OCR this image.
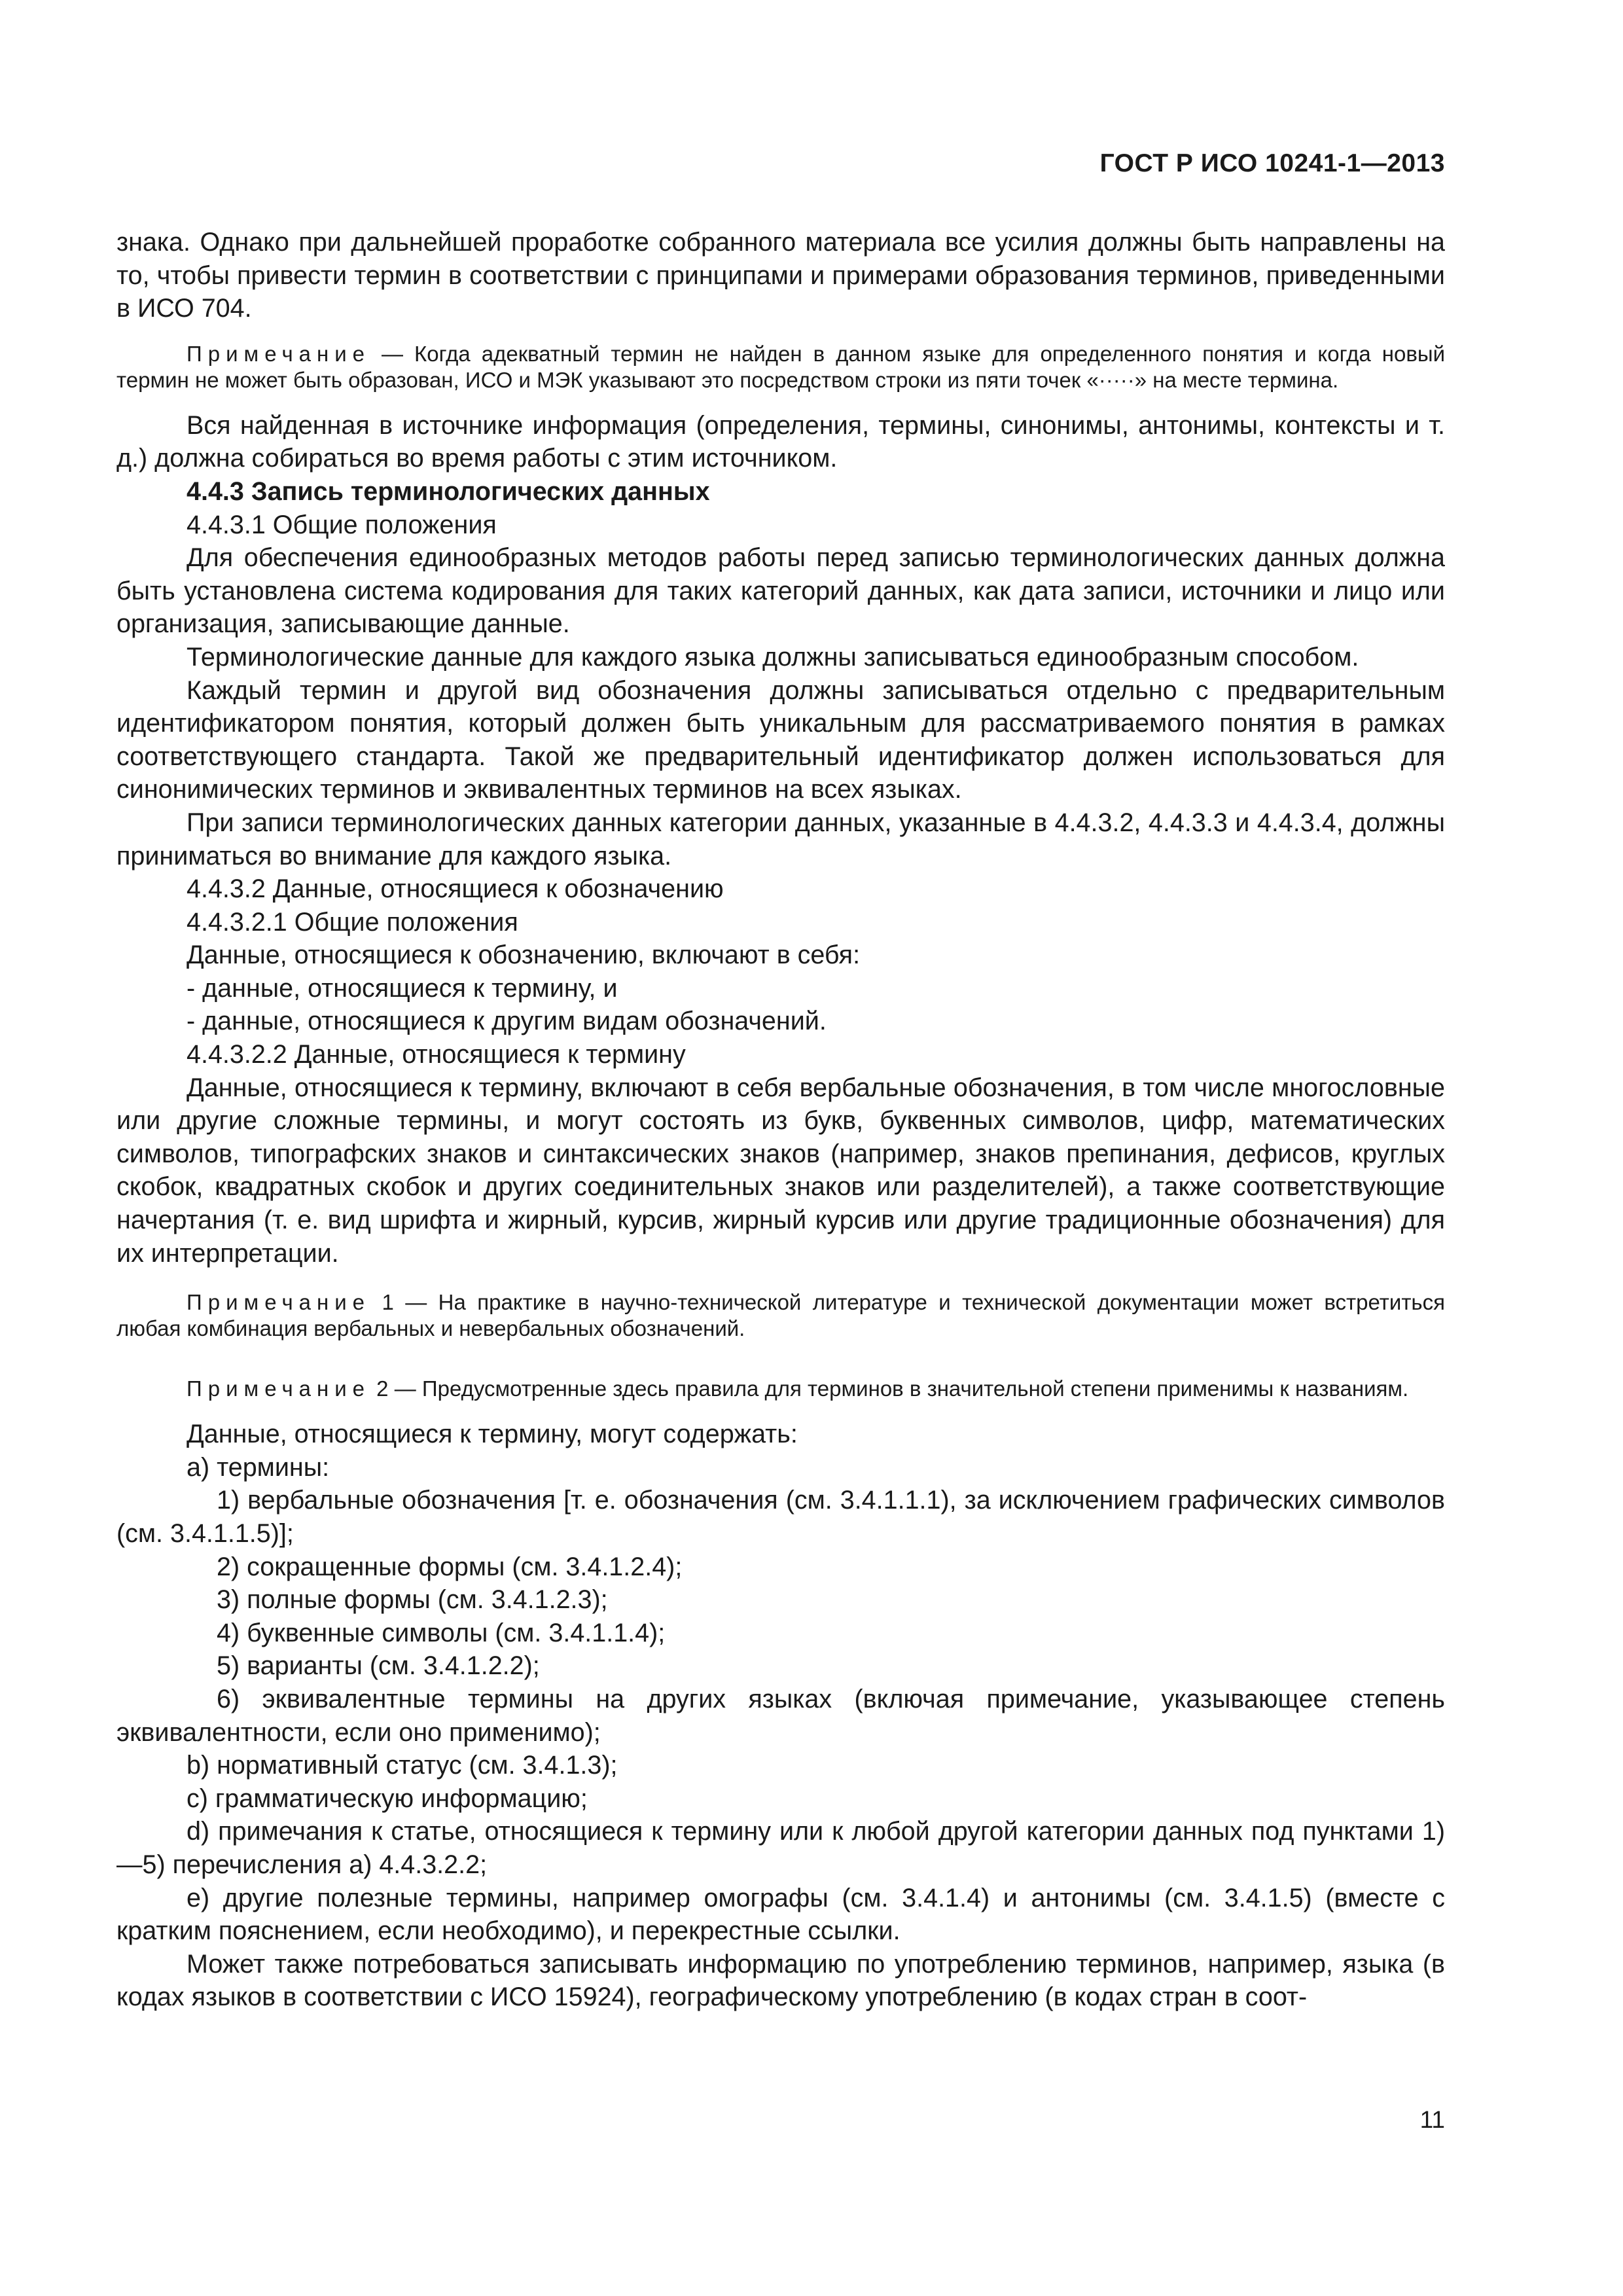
ГОСТ Р ИСО 10241-1—2013

знака. Однако при дальнейшей проработке собранного материала все усилия должны быть направлены на то, чтобы привести термин в соответствии с принципами и примерами образования терминов, приведенными в ИСО 704.

Примечание — Когда адекватный термин не найден в данном языке для определенного понятия и когда новый термин не может быть образован, ИСО и МЭК указывают это посредством строки из пяти точек «·····» на месте термина.

Вся найденная в источнике информация (определения, термины, синонимы, антонимы, контексты и т. д.) должна собираться во время работы с этим источником.

4.4.3 Запись терминологических данных

4.4.3.1 Общие положения

Для обеспечения единообразных методов работы перед записью терминологических данных должна быть установлена система кодирования для таких категорий данных, как дата записи, источники и лицо или организация, записывающие данные.

Терминологические данные для каждого языка должны записываться единообразным способом.

Каждый термин и другой вид обозначения должны записываться отдельно с предварительным идентификатором понятия, который должен быть уникальным для рассматриваемого понятия в рамках соответствующего стандарта. Такой же предварительный идентификатор должен использоваться для синонимических терминов и эквивалентных терминов на всех языках.

При записи терминологических данных категории данных, указанные в 4.4.3.2, 4.4.3.3 и 4.4.3.4, должны приниматься во внимание для каждого языка.

4.4.3.2 Данные, относящиеся к обозначению

4.4.3.2.1 Общие положения

Данные, относящиеся к обозначению, включают в себя:

- данные, относящиеся к термину, и

- данные, относящиеся к другим видам обозначений.

4.4.3.2.2 Данные, относящиеся к термину

Данные, относящиеся к термину, включают в себя вербальные обозначения, в том числе многословные или другие сложные термины, и могут состоять из букв, буквенных символов, цифр, математических символов, типографских знаков и синтаксических знаков (например, знаков препинания, дефисов, круглых скобок, квадратных скобок и других соединительных знаков или разделителей), а также соответствующие начертания (т. е. вид шрифта и жирный, курсив, жирный курсив или другие традиционные обозначения) для их интерпретации.

Примечание 1 — На практике в научно-технической литературе и технической документации может встретиться любая комбинация вербальных и невербальных обозначений.

Примечание 2 — Предусмотренные здесь правила для терминов в значительной степени применимы к названиям.

Данные, относящиеся к термину, могут содержать:

а) термины:

1) вербальные обозначения [т. е. обозначения (см. 3.4.1.1.1), за исключением графических символов (см. 3.4.1.1.5)];

2) сокращенные формы (см. 3.4.1.2.4);

3) полные формы (см. 3.4.1.2.3);

4) буквенные символы (см. 3.4.1.1.4);

5) варианты (см. 3.4.1.2.2);

6) эквивалентные термины на других языках (включая примечание, указывающее степень эквивалентности, если оно применимо);

b) нормативный статус (см. 3.4.1.3);

c) грамматическую информацию;

d) примечания к статье, относящиеся к термину или к любой другой категории данных под пунктами 1)—5) перечисления а) 4.4.3.2.2;

e) другие полезные термины, например омографы (см. 3.4.1.4) и антонимы (см. 3.4.1.5) (вместе с кратким пояснением, если необходимо), и перекрестные ссылки.

Может также потребоваться записывать информацию по употреблению терминов, например, языка (в кодах языков в соответствии с ИСО 15924), географическому употреблению (в кодах стран в соот-

11
